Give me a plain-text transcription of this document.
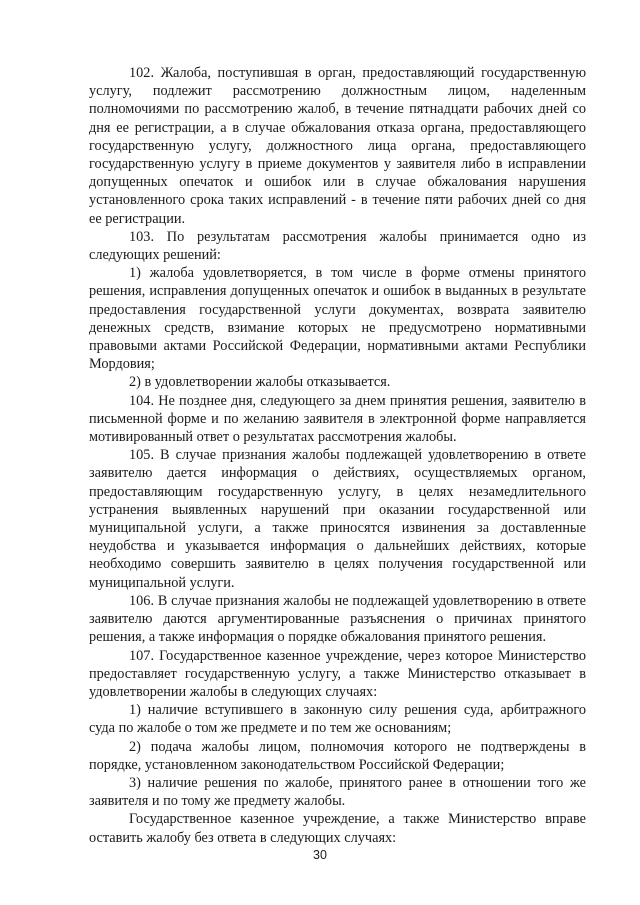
102. Жалоба, поступившая в орган, предоставляющий государственную услугу, подлежит рассмотрению должностным лицом, наделенным полномочиями по рассмотрению жалоб, в течение пятнадцати рабочих дней со дня ее регистрации, а в случае обжалования отказа органа, предоставляющего государственную услугу, должностного лица органа, предоставляющего государственную услугу в приеме документов у заявителя либо в исправлении допущенных опечаток и ошибок или в случае обжалования нарушения установленного срока таких исправлений - в течение пяти рабочих дней со дня ее регистрации.

103. По результатам рассмотрения жалобы принимается одно из следующих решений:

1) жалоба удовлетворяется, в том числе в форме отмены принятого решения, исправления допущенных опечаток и ошибок в выданных в результате предоставления государственной услуги документах, возврата заявителю денежных средств, взимание которых не предусмотрено нормативными правовыми актами Российской Федерации, нормативными актами Республики Мордовия;

2) в удовлетворении жалобы отказывается.

104. Не позднее дня, следующего за днем принятия решения, заявителю в письменной форме и по желанию заявителя в электронной форме направляется мотивированный ответ о результатах рассмотрения жалобы.

105. В случае признания жалобы подлежащей удовлетворению в ответе заявителю дается информация о действиях, осуществляемых органом, предоставляющим государственную услугу, в целях незамедлительного устранения выявленных нарушений при оказании государственной или муниципальной услуги, а также приносятся извинения за доставленные неудобства и указывается информация о дальнейших действиях, которые необходимо совершить заявителю в целях получения государственной или муниципальной услуги.

106. В случае признания жалобы не подлежащей удовлетворению в ответе заявителю даются аргументированные разъяснения о причинах принятого решения, а также информация о порядке обжалования принятого решения.

107. Государственное казенное учреждение, через которое Министерство предоставляет государственную услугу, а также Министерство отказывает в удовлетворении жалобы в следующих случаях:

1) наличие вступившего в законную силу решения суда, арбитражного суда по жалобе о том же предмете и по тем же основаниям;

2) подача жалобы лицом, полномочия которого не подтверждены в порядке, установленном законодательством Российской Федерации;

3) наличие решения по жалобе, принятого ранее в отношении того же заявителя и по тому же предмету жалобы.

Государственное казенное учреждение, а также Министерство вправе оставить жалобу без ответа в следующих случаях:

30
